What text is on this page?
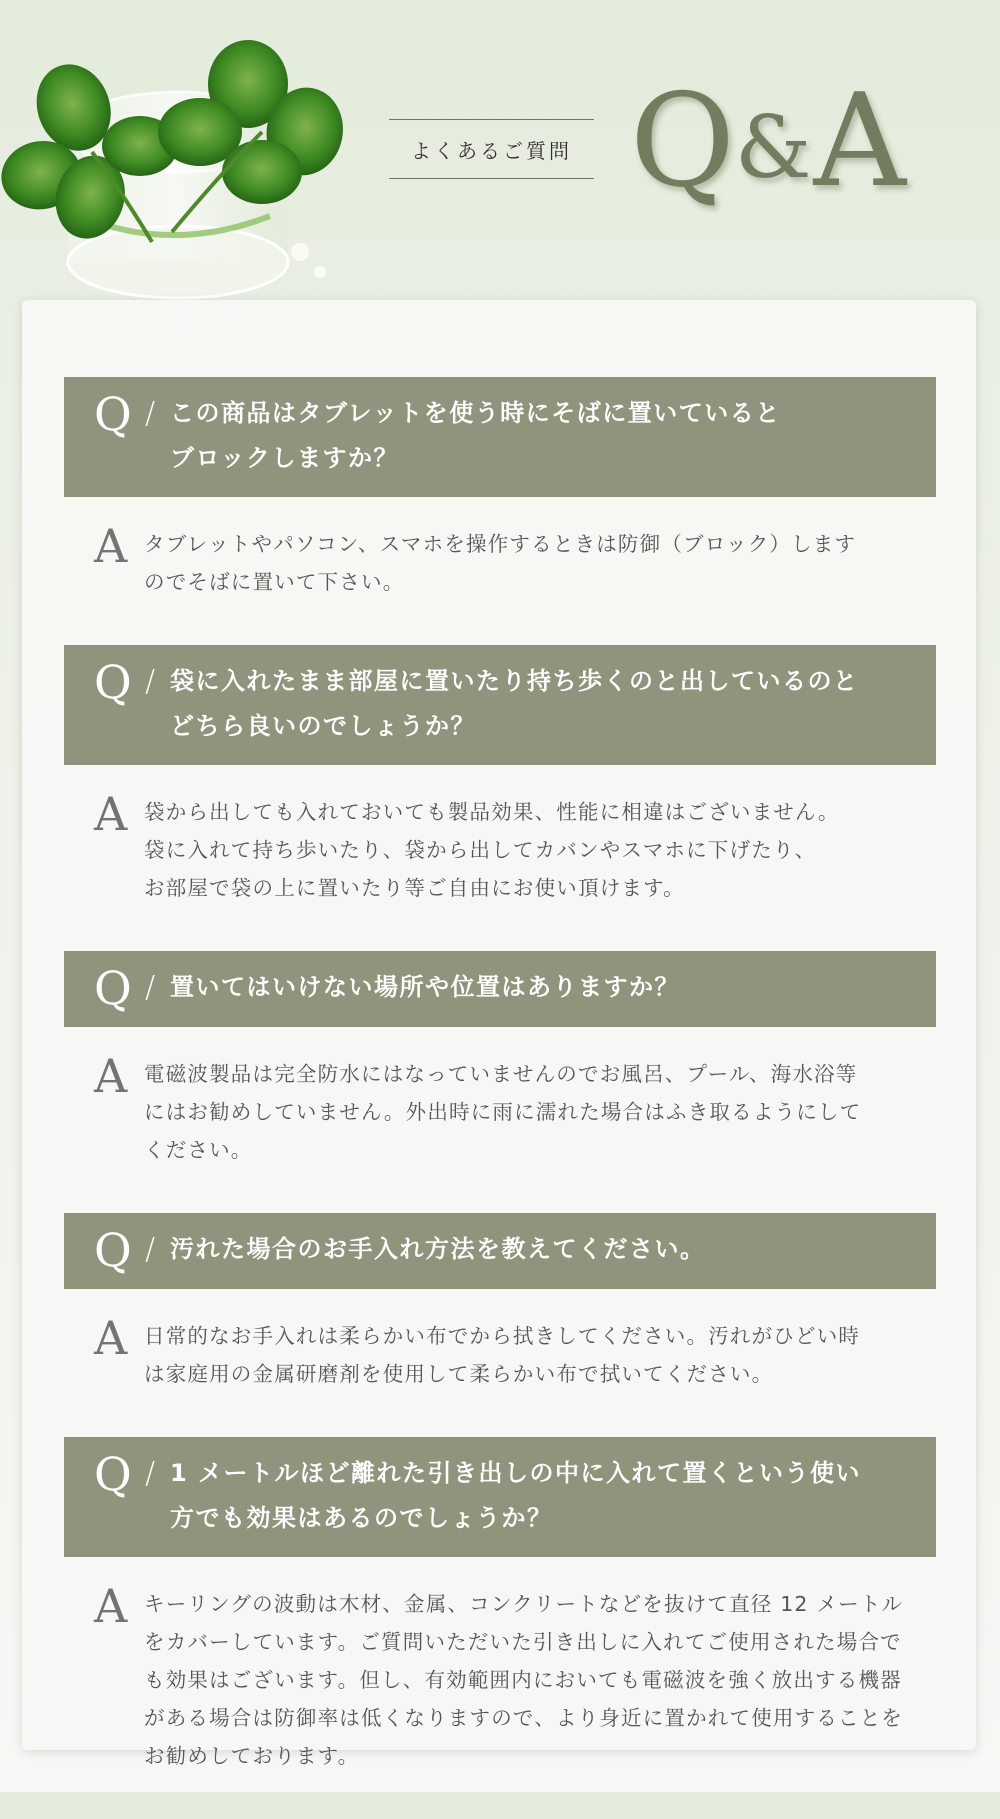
よくあるご質問 Q&A
Q / この商品はタブレットを使う時にそばに置いていると
ブロックしますか？
A タブレットやパソコン、スマホを操作するときは防御（ブロック）します
のでそばに置いて下さい。
Q / 袋に入れたまま部屋に置いたり持ち歩くのと出しているのと
どちら良いのでしょうか？
A 袋から出しても入れておいても製品効果、性能に相違はございません。
袋に入れて持ち歩いたり、袋から出してカバンやスマホに下げたり、
お部屋で袋の上に置いたり等ご自由にお使い頂けます。
Q / 置いてはいけない場所や位置はありますか？
A 電磁波製品は完全防水にはなっていませんのでお風呂、プール、海水浴等
にはお勧めしていません。外出時に雨に濡れた場合はふき取るようにして
ください。
Q / 汚れた場合のお手入れ方法を教えてください。
A 日常的なお手入れは柔らかい布でから拭きしてください。汚れがひどい時
は家庭用の金属研磨剤を使用して柔らかい布で拭いてください。
Q / 1 メートルほど離れた引き出しの中に入れて置くという使い
方でも効果はあるのでしょうか？
A キーリングの波動は木材、金属、コンクリートなどを抜けて直径 12 メートル
をカバーしています。ご質問いただいた引き出しに入れてご使用された場合で
も効果はございます。但し、有効範囲内においても電磁波を強く放出する機器
がある場合は防御率は低くなりますので、より身近に置かれて使用することを
お勧めしております。
